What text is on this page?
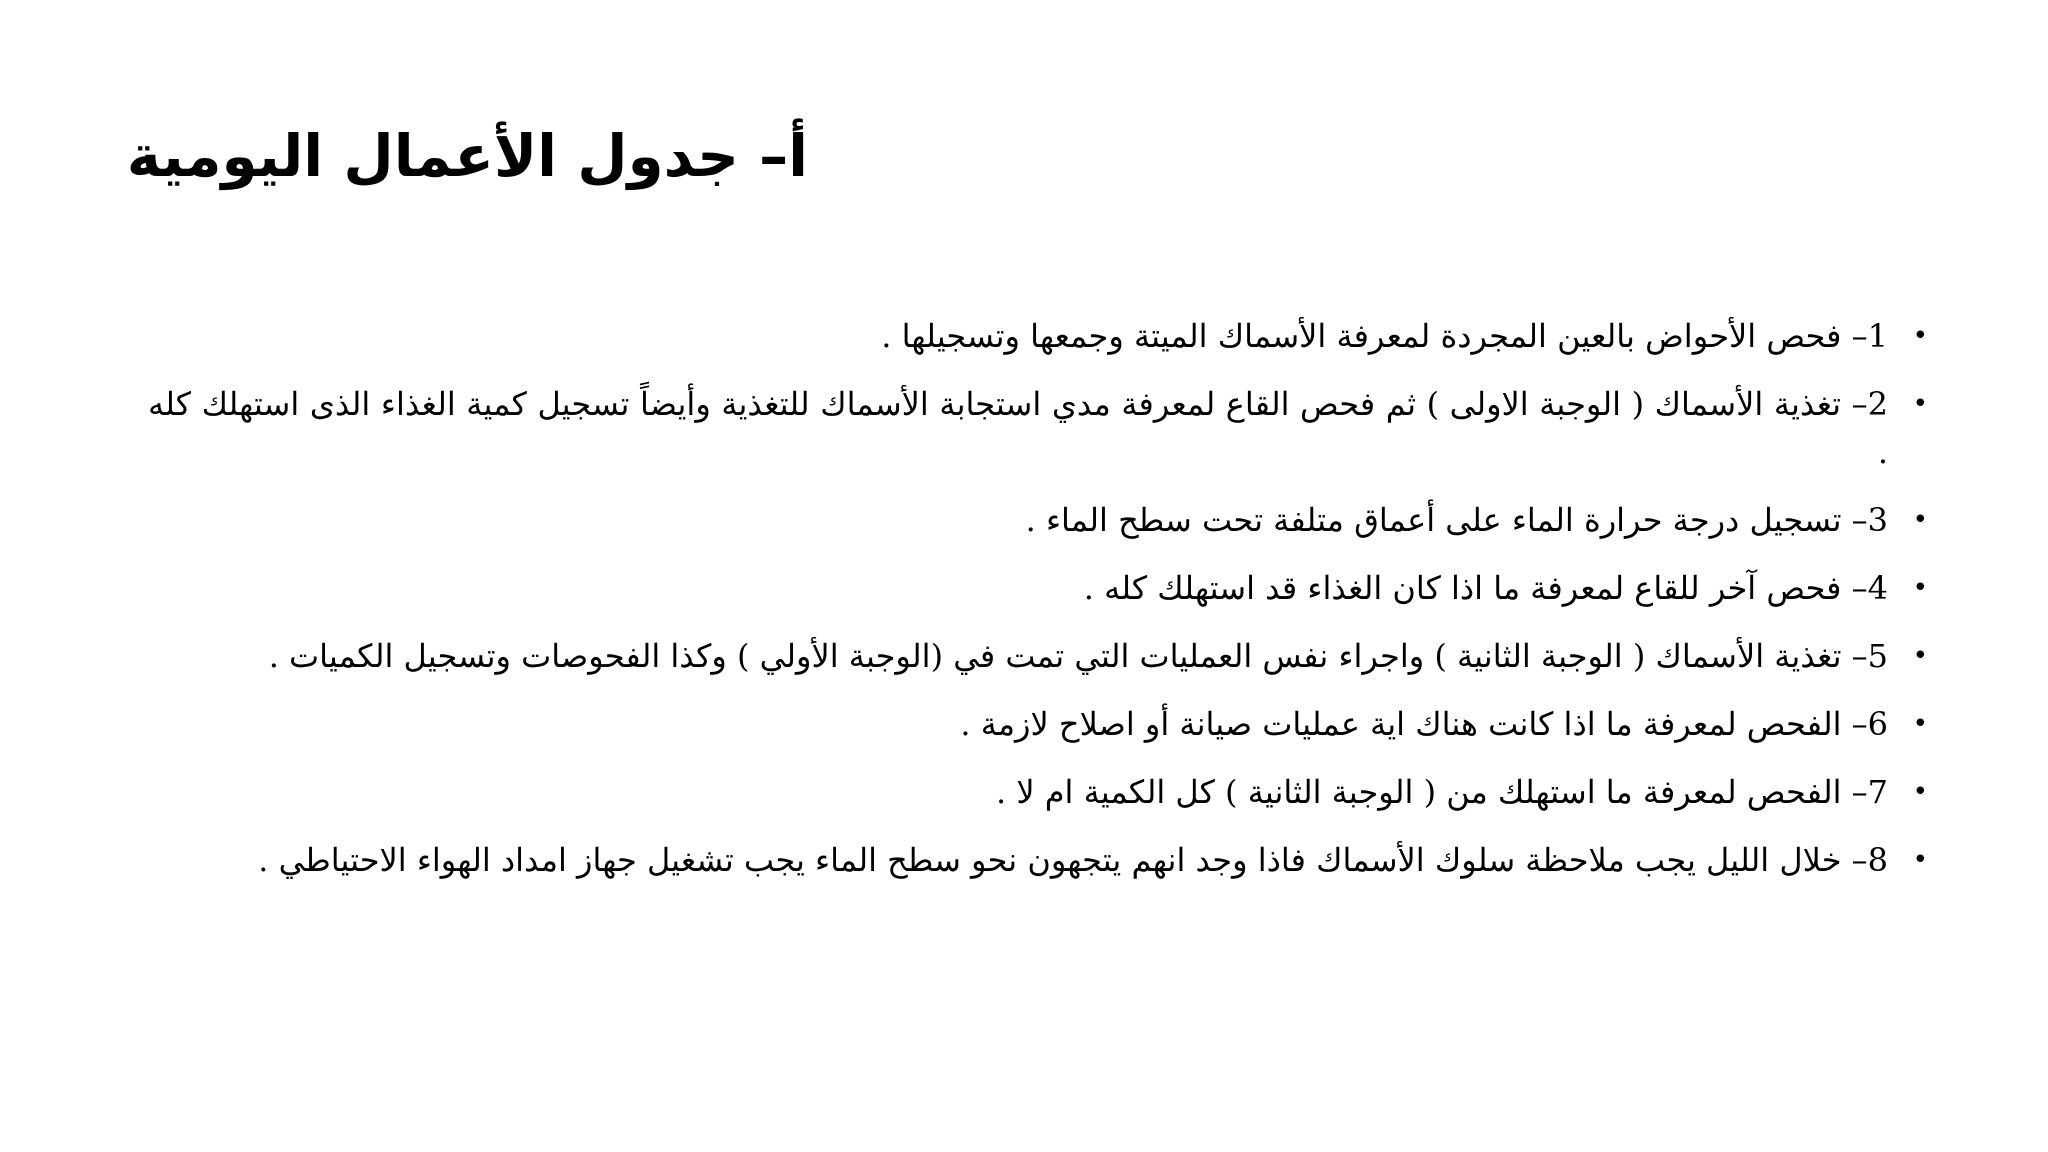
أ– جدول الأعمال اليومية
•
1– فحص الأحواض بالعين المجردة لمعرفة الأسماك الميتة وجمعها وتسجيلها .
•
2– تغذية الأسماك ( الوجبة الاولى ) ثم فحص القاع لمعرفة مدي استجابة الأسماك للتغذية وأيضاً تسجيل كمية الغذاء الذى استهلك كله .
•
3– تسجيل درجة حرارة الماء على أعماق متلفة تحت سطح الماء .
•
4– فحص آخر للقاع لمعرفة ما اذا كان الغذاء قد استهلك كله .
•
5– تغذية الأسماك ( الوجبة الثانية ) واجراء نفس العمليات التي تمت في (الوجبة الأولي ) وكذا الفحوصات وتسجيل الكميات .
•
6– الفحص لمعرفة ما اذا كانت هناك اية عمليات صيانة أو اصلاح لازمة .
•
7– الفحص لمعرفة ما استهلك من ( الوجبة الثانية ) كل الكمية ام لا .
•
8– خلال الليل يجب ملاحظة سلوك الأسماك فاذا وجد انهم يتجهون نحو سطح الماء يجب تشغيل جهاز امداد الهواء الاحتياطي .
